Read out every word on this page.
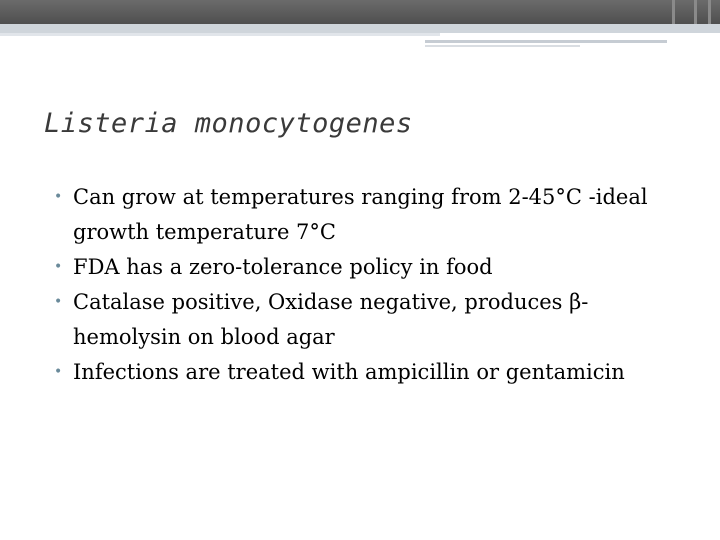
Listeria monocytogenes
• Can grow at temperatures ranging from 2-45°C -ideal growth temperature 7°C
• FDA has a zero-tolerance policy in food
• Catalase positive, Oxidase negative, produces β-hemolysin on blood agar
• Infections are treated with ampicillin or gentamicin
